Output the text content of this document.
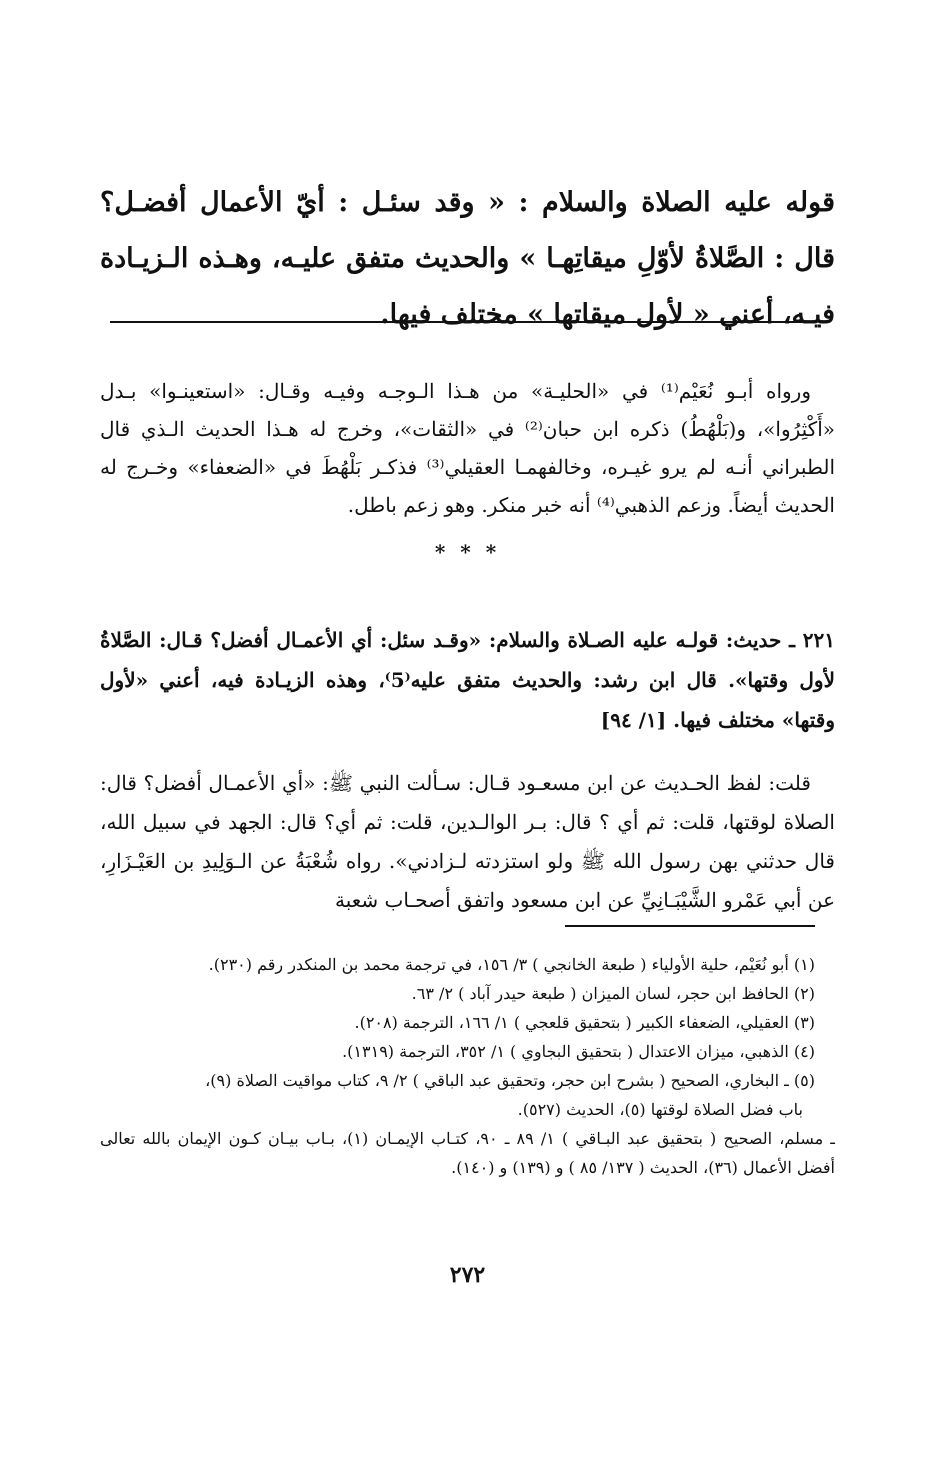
قوله عليه الصلاة والسلام : « وقد سئـل : أيّ الأعمال أفضـل؟ قال : الصَّلاةُ لأوّلِ ميقاتِهـا » والحديث متفق عليـه، وهـذه الـزيـادة فيـه، أعني « لأول ميقاتها » مختلف فيها.

ورواه أبـو نُعَيْم⁽¹⁾ في «الحليـة» من هـذا الـوجـه وفيـه وقـال: «استعينـوا» بـدل «أَكْثِرُوا»، و(بَلْهُطُ) ذكره ابن حبان⁽²⁾ في «الثقات»، وخرج له هـذا الحديث الـذي قال الطبراني أنـه لم يرو غيـره، وخالفهمـا العقيلي⁽³⁾ فذكـر بَلْهُطَ في «الضعفاء» وخـرج له الحديث أيضاً. وزعم الذهبي⁽⁴⁾ أنه خبر منكر. وهو زعم باطل.

* * *

٢٢١ ـ حديث: قولـه عليه الصـلاة والسلام: «وقـد سئل: أي الأعمـال أفضل؟ قـال: الصَّلاةُ لأول وقتها». قال ابن رشد: والحديث متفق عليه⁽5⁾، وهذه الزيـادة فيه، أعني «لأول وقتها» مختلف فيها. [١/ ٩٤]

قلت: لفظ الحـديث عن ابن مسعـود قـال: سـألت النبي ﷺ: «أي الأعمـال أفضل؟ قال: الصلاة لوقتها، قلت: ثم أي ؟ قال: بـر الوالـدين، قلت: ثم أي؟ قال: الجهد في سبيل الله، قال حدثني بهن رسول الله ﷺ ولو استزدته لـزادني». رواه شُعْبَةُ عن الـوَلِيدِ بن العَيْـزَارِ، عن أبي عَمْرو الشَّيْبَـانِيِّ عن ابن مسعود واتفق أصحـاب شعبة

(١) أبو نُعَيْم، حلية الأولياء ( طبعة الخانجي ) ٣/ ١٥٦، في ترجمة محمد بن المنكدر رقم (٢٣٠).
(٢) الحافظ ابن حجر، لسان الميزان ( طبعة حيدر آباد ) ٢/ ٦٣.
(٣) العقيلي، الضعفاء الكبير ( بتحقيق قلعجي ) ١/ ١٦٦، الترجمة (٢٠٨).
(٤) الذهبي، ميزان الاعتدال ( بتحقيق البجاوي ) ١/ ٣٥٢، الترجمة (١٣١٩).
(٥) ـ البخاري، الصحيح ( بشرح ابن حجر، وتحقيق عبد الباقي ) ٢/ ٩، كتاب مواقيت الصلاة (٩)،
باب فضل الصلاة لوقتها (٥)، الحديث (٥٢٧).
ـ مسلم، الصحيح ( بتحقيق عبد البـاقي ) ١/ ٨٩ ـ ٩٠، كتـاب الإيمـان (١)، بـاب بيـان كـون الإيمان بالله تعالى أفضل الأعمال (٣٦)، الحديث ( ١٣٧/ ٨٥ ) و (١٣٩) و (١٤٠).
٢٧٢
